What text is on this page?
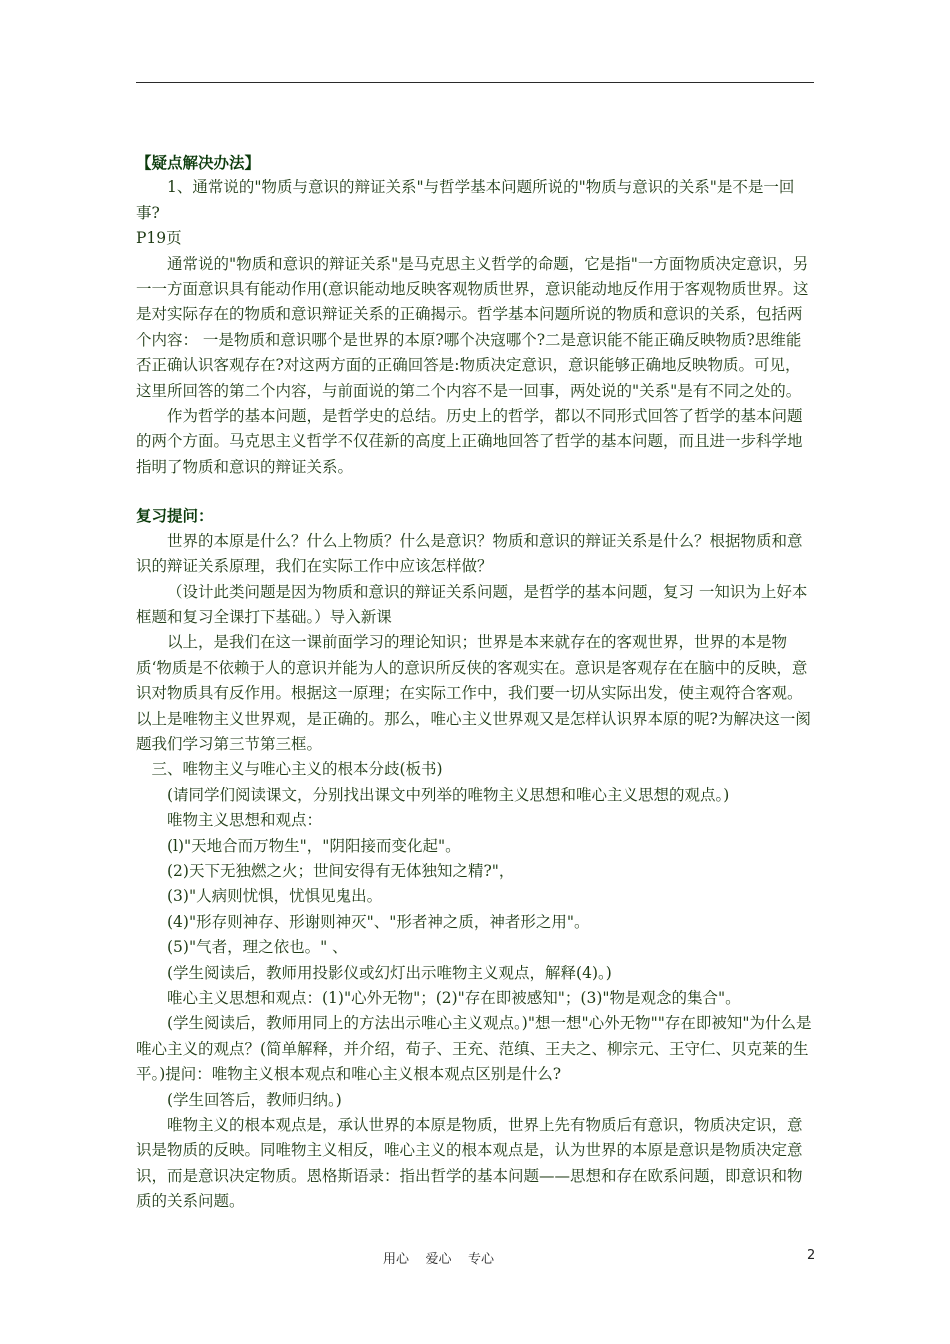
【疑点解决办法】

1、通常说的"物质与意识的辩证关系"与哲学基本问题所说的"物质与意识的关系"是不是一回事?

P19页

通常说的"物质和意识的辩证关系"是马克思主义哲学的命题，它是指"一方面物质决定意识，另一一方面意识具有能动作用(意识能动地反映客观物质世界，意识能动地反作用于客观物质世界。这是对实际存在的物质和意识辩证关系的正确揭示。哲学基本问题所说的物质和意识的关系，包括两个内容： 一是物质和意识哪个是世界的本原?哪个决寇哪个?二是意识能不能正确反映物质?思维能否正确认识客观存在?对这两方面的正确回答是:物质决定意识，意识能够正确地反映物质。可见，这里所回答的第二个内容，与前面说的第二个内容不是一回事，两处说的"关系"是有不同之处的。

作为哲学的基本问题，是哲学史的总结。历史上的哲学，都以不同形式回答了哲学的基本问题的两个方面。马克思主义哲学不仅荏新的高度上正确地回答了哲学的基本问题，而且进一步科学地指明了物质和意识的辩证关系。

复习提问：

世界的本原是什么？什么上物质？什么是意识？物质和意识的辩证关系是什么？根据物质和意识的辩证关系原理，我们在实际工作中应该怎样做？

（设计此类问题是因为物质和意识的辩证关系问题，是哲学的基本问题，复习 一知识为上好本框题和复习全课打下基础。）导入新课

以上，是我们在这一课前面学习的理论知识；世界是本来就存在的客观世界，世界的本是物质‘物质是不依赖于人的意识并能为人的意识所反侠的客观实在。意识是客观存在在脑中的反映，意识对物质具有反作用。根据这一原理；在实际工作中，我们要一切从实际出发，使主观符合客观。以上是唯物主义世界观，是正确的。那么，唯心主义世界观又是怎样认识界本原的呢?为解决这一阂题我们学习第三节第三框。

三、唯物主义与唯心主义的根本分歧(板书)

(请同学们阅读课文，分别找出课文中列举的唯物主义思想和唯心主义思想的观点。)

唯物主义思想和观点：

(l)"天地合而万物生"，"阴阳接而变化起"。

(2)天下无独燃之火；世间安得有无体独知之精?"，

(3)"人病则忧惧，忧惧见鬼出。

(4)"形存则神存、形谢则神灭"、"形者神之质，神者形之用"。

(5)"气者，理之依也。" 、

(学生阅读后，教师用投影仪或幻灯出示唯物主义观点，解释(4)。)

唯心主义思想和观点：(1)"心外无物"；(2)"存在即被感知"；(3)"物是观念的集合"。

(学生阅读后，教师用同上的方法出示唯心主义观点。)"想一想"心外无物""存在即被知"为什么是唯心主义的观点？(简单解释，并介绍，荀子、王充、范缜、王夫之、柳宗元、王守仁、贝克莱的生平。)提问：唯物主义根本观点和唯心主义根本观点区别是什么?

(学生回答后，教师归纳。)

唯物主义的根本观点是，承认世界的本原是物质，世界上先有物质后有意识，物质决定识，意识是物质的反映。同唯物主义相反，唯心主义的根本观点是，认为世界的本原是意识是物质决定意识，而是意识决定物质。恩格斯语录：指出哲学的基本问题——思想和存在欧系问题，即意识和物质的关系问题。

用心    爱心    专心	2
